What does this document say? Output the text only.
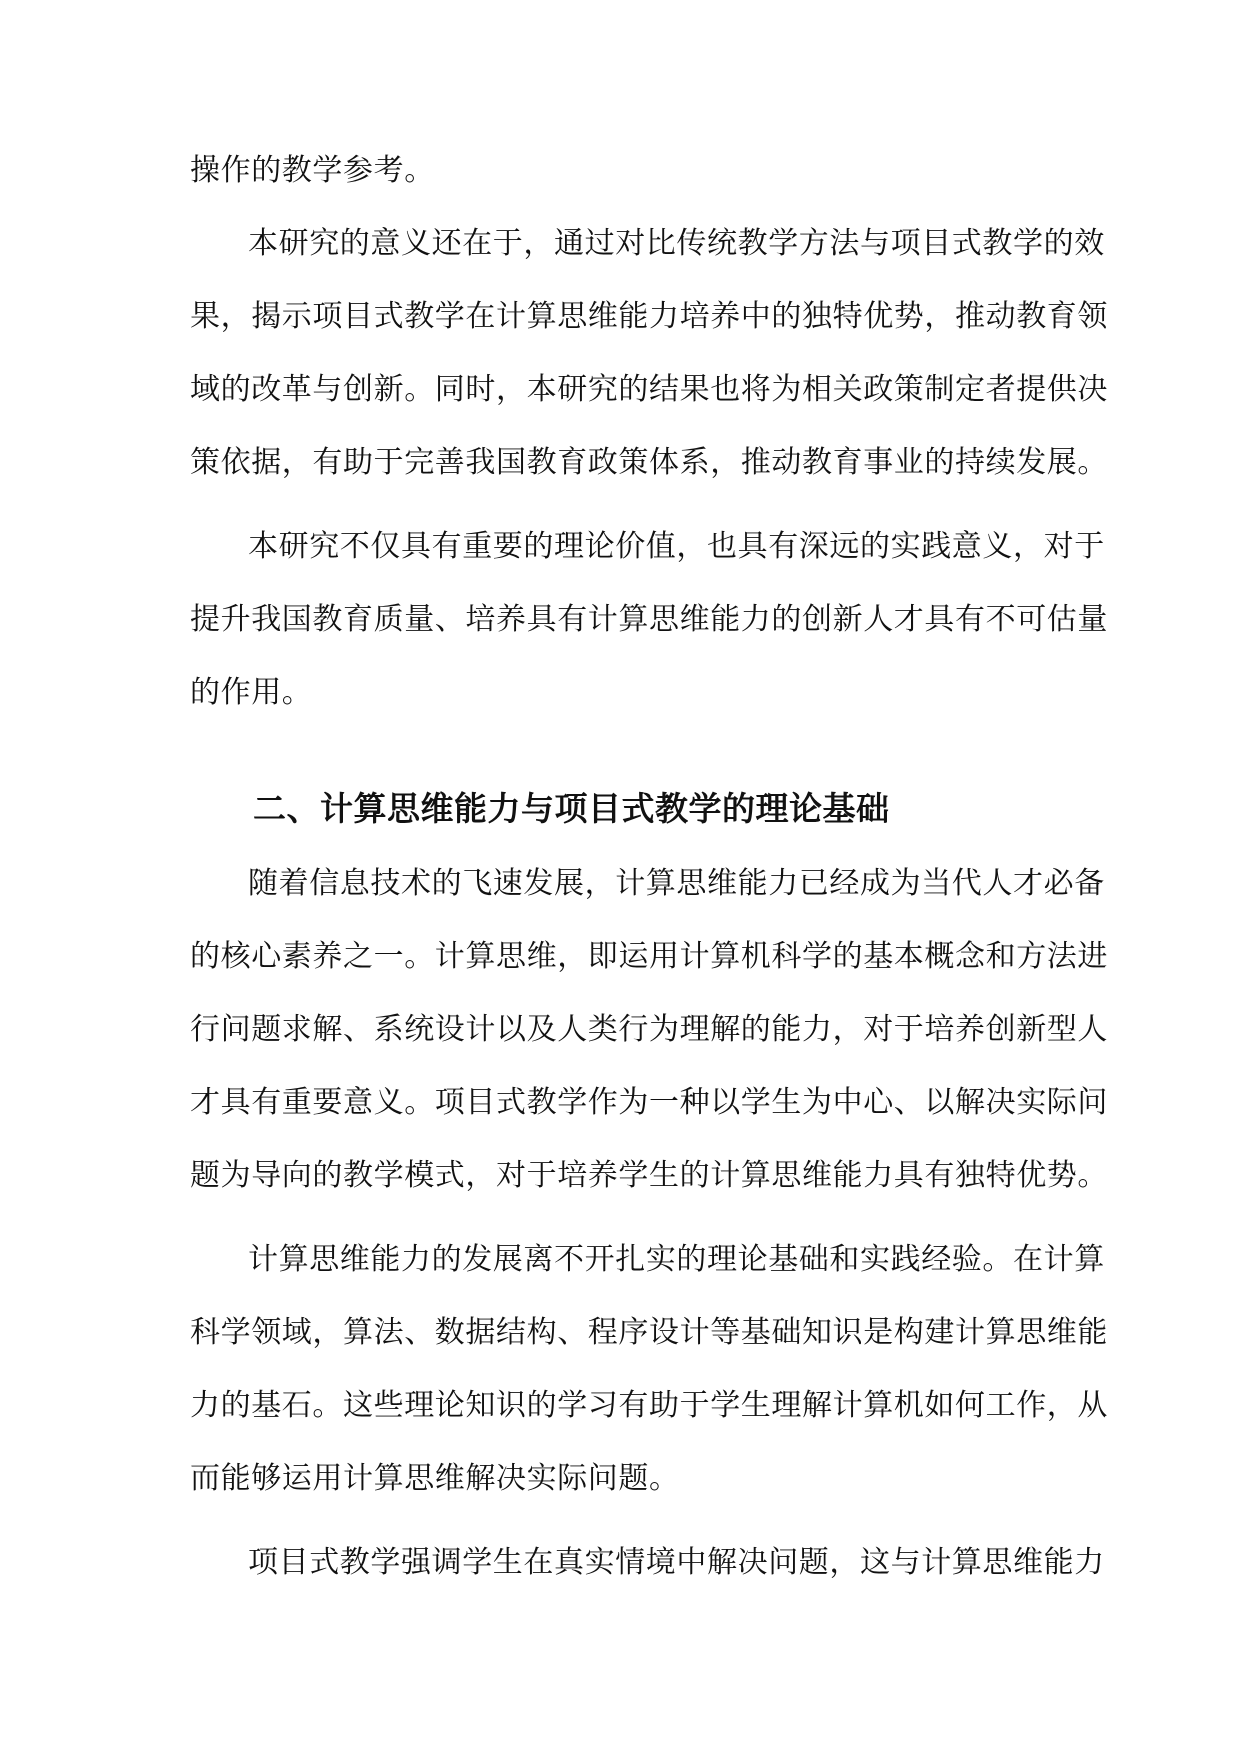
操作的教学参考。
本研究的意义还在于，通过对比传统教学方法与项目式教学的效
果，揭示项目式教学在计算思维能力培养中的独特优势，推动教育领
域的改革与创新。同时，本研究的结果也将为相关政策制定者提供决
策依据，有助于完善我国教育政策体系，推动教育事业的持续发展。
本研究不仅具有重要的理论价值，也具有深远的实践意义，对于
提升我国教育质量、培养具有计算思维能力的创新人才具有不可估量
的作用。
二、计算思维能力与项目式教学的理论基础
随着信息技术的飞速发展，计算思维能力已经成为当代人才必备
的核心素养之一。计算思维，即运用计算机科学的基本概念和方法进
行问题求解、系统设计以及人类行为理解的能力，对于培养创新型人
才具有重要意义。项目式教学作为一种以学生为中心、以解决实际问
题为导向的教学模式，对于培养学生的计算思维能力具有独特优势。
计算思维能力的发展离不开扎实的理论基础和实践经验。在计算
科学领域，算法、数据结构、程序设计等基础知识是构建计算思维能
力的基石。这些理论知识的学习有助于学生理解计算机如何工作，从
而能够运用计算思维解决实际问题。
项目式教学强调学生在真实情境中解决问题，这与计算思维能力
